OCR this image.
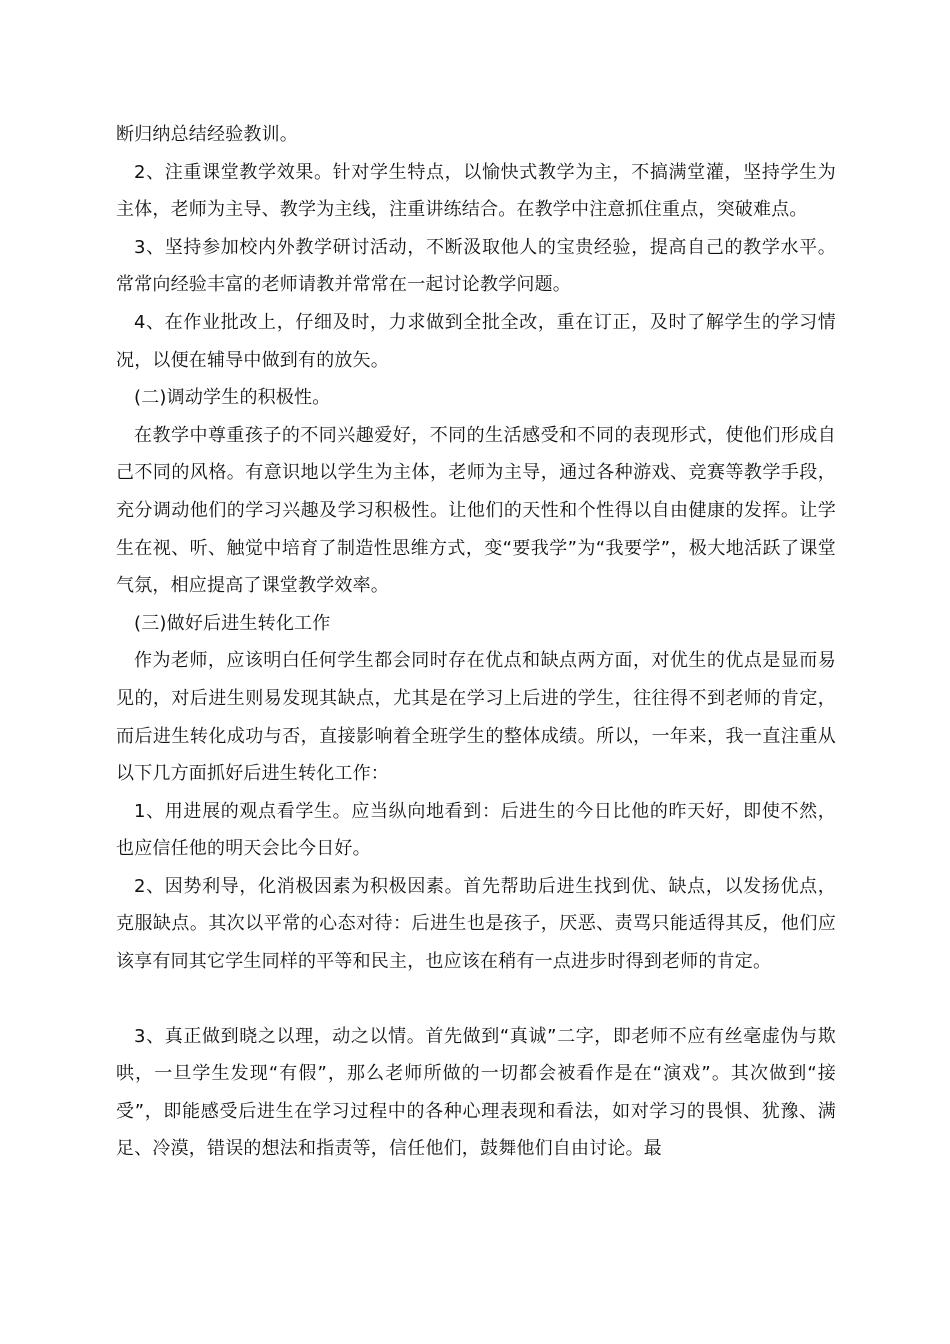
断归纳总结经验教训。

2、注重课堂教学效果。针对学生特点，以愉快式教学为主，不搞满堂灌，坚持学生为主体，老师为主导、教学为主线，注重讲练结合。在教学中注意抓住重点，突破难点。

3、坚持参加校内外教学研讨活动，不断汲取他人的宝贵经验，提高自己的教学水平。常常向经验丰富的老师请教并常常在一起讨论教学问题。

4、在作业批改上，仔细及时，力求做到全批全改，重在订正，及时了解学生的学习情况，以便在辅导中做到有的放矢。

(二)调动学生的积极性。

在教学中尊重孩子的不同兴趣爱好，不同的生活感受和不同的表现形式，使他们形成自己不同的风格。有意识地以学生为主体，老师为主导，通过各种游戏、竞赛等教学手段，充分调动他们的学习兴趣及学习积极性。让他们的天性和个性得以自由健康的发挥。让学生在视、听、触觉中培育了制造性思维方式，变“要我学”为“我要学”，极大地活跃了课堂气氛，相应提高了课堂教学效率。

(三)做好后进生转化工作

作为老师，应该明白任何学生都会同时存在优点和缺点两方面，对优生的优点是显而易见的，对后进生则易发现其缺点，尤其是在学习上后进的学生，往往得不到老师的肯定，而后进生转化成功与否，直接影响着全班学生的整体成绩。所以，一年来，我一直注重从以下几方面抓好后进生转化工作：

1、用进展的观点看学生。应当纵向地看到：后进生的今日比他的昨天好，即使不然，也应信任他的明天会比今日好。

2、因势利导，化消极因素为积极因素。首先帮助后进生找到优、缺点，以发扬优点，克服缺点。其次以平常的心态对待：后进生也是孩子，厌恶、责骂只能适得其反，他们应该享有同其它学生同样的平等和民主，也应该在稍有一点进步时得到老师的肯定。

3、真正做到晓之以理，动之以情。首先做到“真诚”二字，即老师不应有丝毫虚伪与欺哄，一旦学生发现“有假”，那么老师所做的一切都会被看作是在“演戏”。其次做到“接受”，即能感受后进生在学习过程中的各种心理表现和看法，如对学习的畏惧、犹豫、满足、冷漠，错误的想法和指责等，信任他们，鼓舞他们自由讨论。最
